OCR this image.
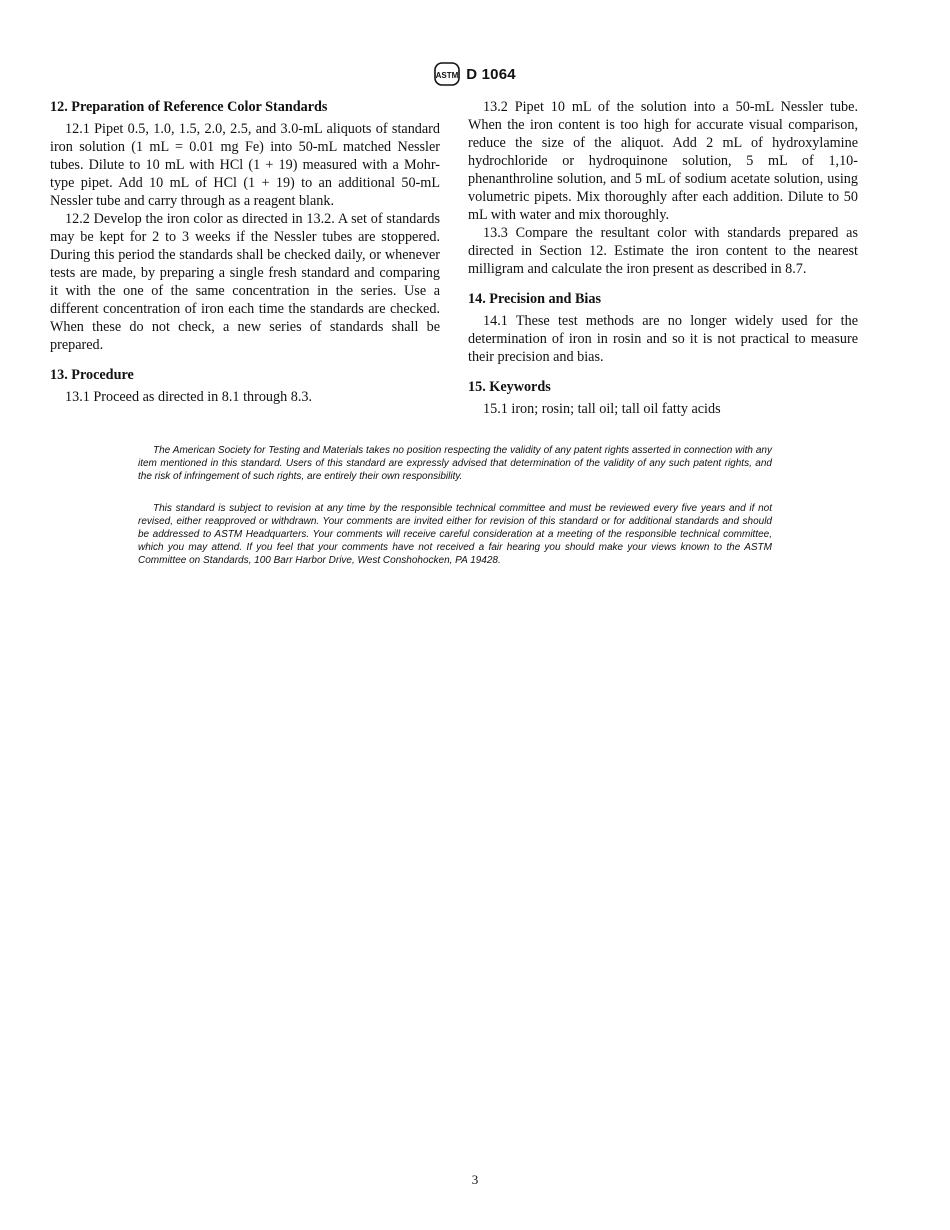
ASTM D 1064
12. Preparation of Reference Color Standards

12.1 Pipet 0.5, 1.0, 1.5, 2.0, 2.5, and 3.0-mL aliquots of standard iron solution (1 mL = 0.01 mg Fe) into 50-mL matched Nessler tubes. Dilute to 10 mL with HCl (1 + 19) measured with a Mohr-type pipet. Add 10 mL of HCl (1 + 19) to an additional 50-mL Nessler tube and carry through as a reagent blank.

12.2 Develop the iron color as directed in 13.2. A set of standards may be kept for 2 to 3 weeks if the Nessler tubes are stoppered. During this period the standards shall be checked daily, or whenever tests are made, by preparing a single fresh standard and comparing it with the one of the same concentration in the series. Use a different concentration of iron each time the standards are checked. When these do not check, a new series of standards shall be prepared.

13. Procedure

13.1 Proceed as directed in 8.1 through 8.3.

13.2 Pipet 10 mL of the solution into a 50-mL Nessler tube. When the iron content is too high for accurate visual comparison, reduce the size of the aliquot. Add 2 mL of hydroxylamine hydrochloride or hydroquinone solution, 5 mL of 1,10-phenanthroline solution, and 5 mL of sodium acetate solution, using volumetric pipets. Mix thoroughly after each addition. Dilute to 50 mL with water and mix thoroughly.

13.3 Compare the resultant color with standards prepared as directed in Section 12. Estimate the iron content to the nearest milligram and calculate the iron present as described in 8.7.

14. Precision and Bias

14.1 These test methods are no longer widely used for the determination of iron in rosin and so it is not practical to measure their precision and bias.

15. Keywords

15.1 iron; rosin; tall oil; tall oil fatty acids

The American Society for Testing and Materials takes no position respecting the validity of any patent rights asserted in connection with any item mentioned in this standard. Users of this standard are expressly advised that determination of the validity of any such patent rights, and the risk of infringement of such rights, are entirely their own responsibility.

This standard is subject to revision at any time by the responsible technical committee and must be reviewed every five years and if not revised, either reapproved or withdrawn. Your comments are invited either for revision of this standard or for additional standards and should be addressed to ASTM Headquarters. Your comments will receive careful consideration at a meeting of the responsible technical committee, which you may attend. If you feel that your comments have not received a fair hearing you should make your views known to the ASTM Committee on Standards, 100 Barr Harbor Drive, West Conshohocken, PA 19428.

3
